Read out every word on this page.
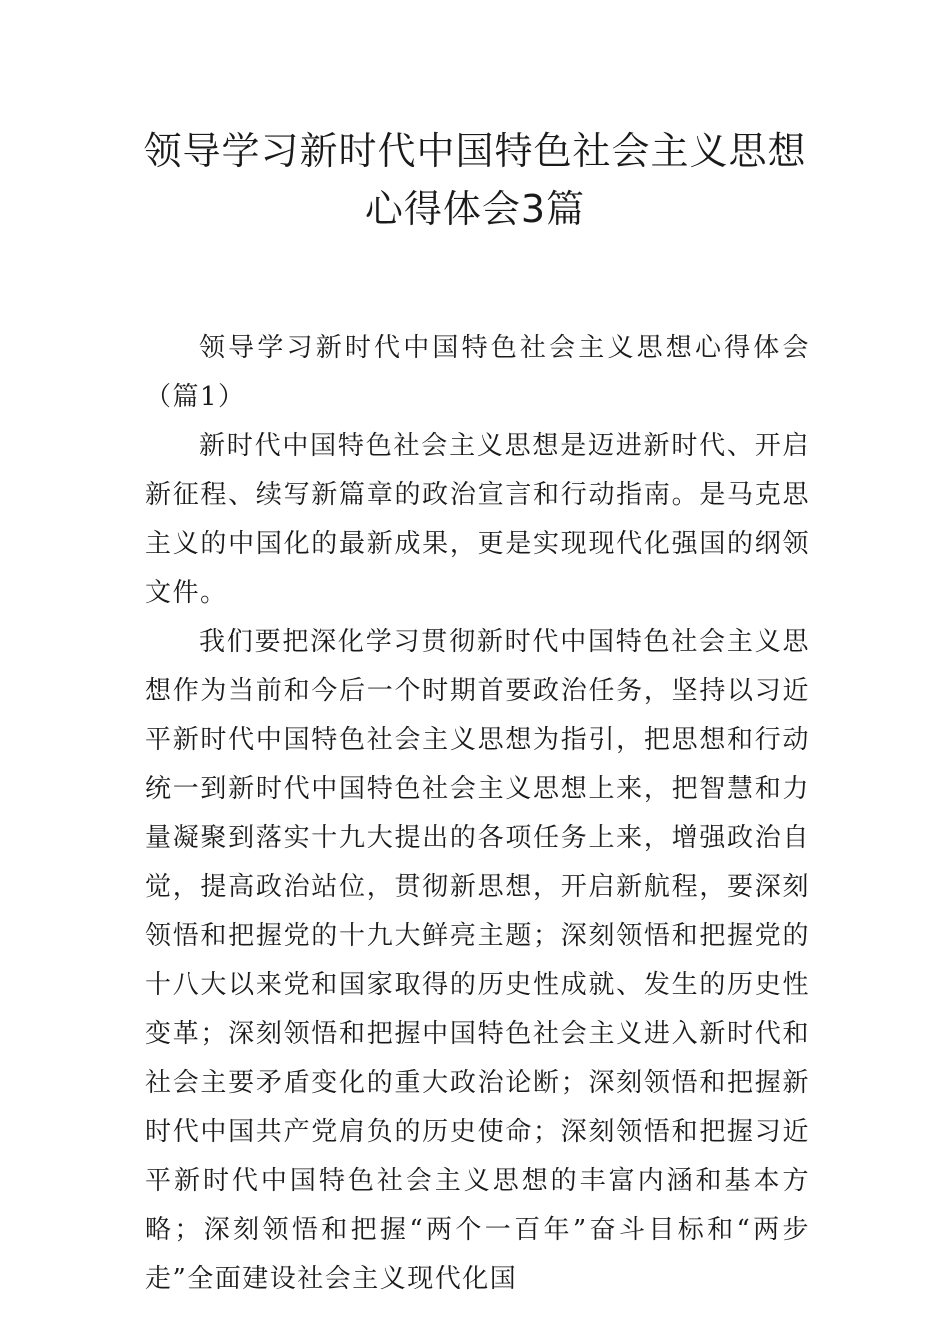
领导学习新时代中国特色社会主义思想
心得体会3篇

领导学习新时代中国特色社会主义思想心得体会（篇1）

新时代中国特色社会主义思想是迈进新时代、开启新征程、续写新篇章的政治宣言和行动指南。是马克思主义的中国化的最新成果，更是实现现代化强国的纲领文件。

我们要把深化学习贯彻新时代中国特色社会主义思想作为当前和今后一个时期首要政治任务，坚持以习近平新时代中国特色社会主义思想为指引，把思想和行动统一到新时代中国特色社会主义思想上来，把智慧和力量凝聚到落实十九大提出的各项任务上来，增强政治自觉，提高政治站位，贯彻新思想，开启新航程，要深刻领悟和把握党的十九大鲜亮主题；深刻领悟和把握党的十八大以来党和国家取得的历史性成就、发生的历史性变革；深刻领悟和把握中国特色社会主义进入新时代和社会主要矛盾变化的重大政治论断；深刻领悟和把握新时代中国共产党肩负的历史使命；深刻领悟和把握习近平新时代中国特色社会主义思想的丰富内涵和基本方略；深刻领悟和把握“两个一百年”奋斗目标和“两步走”全面建设社会主义现代化国
